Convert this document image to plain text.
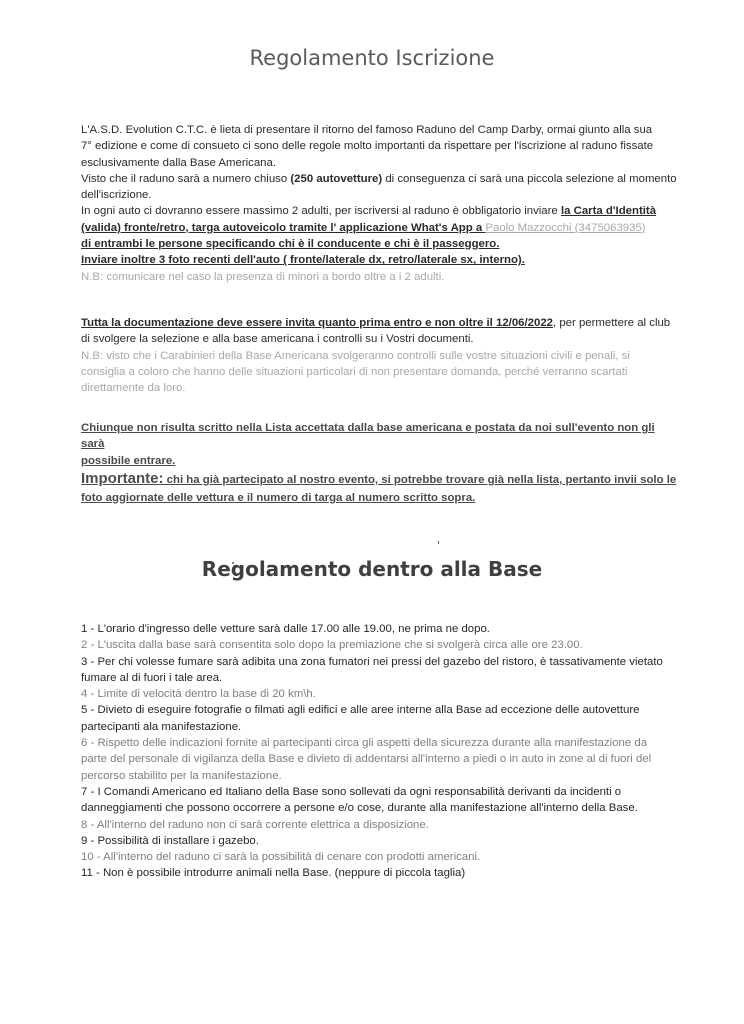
Regolamento Iscrizione

L'A.S.D. Evolution C.T.C. è lieta di presentare il ritorno del famoso Raduno del Camp Darby, ormai giunto alla sua

7° edizione e come di consueto ci sono delle regole molto importanti da rispettare per l'iscrizione al raduno fissate

esclusivamente dalla Base Americana.

Visto che il raduno sarà a numero chiuso (250 autovetture) di conseguenza ci sarà una piccola selezione al momento

dell'iscrizione.

In ogni auto ci dovranno essere massimo 2 adulti, per iscriversi al raduno è obbligatorio inviare la Carta d'Identità

(valida) fronte/retro, targa autoveicolo tramite l' applicazione What's App a Paolo Mazzocchi (3475063935)

di entrambi le persone specificando chi è il conducente e chi è il passeggero.

Inviare inoltre 3 foto recenti dell'auto ( fronte/laterale dx, retro/laterale sx, interno).

N.B: comunicare nel caso la presenza di minori a bordo oltre a i 2 adulti.

Tutta la documentazione deve essere invita quanto prima entro e non oltre il 12/06/2022, per permettere al club

di svolgere la selezione e alla base americana i controlli su i Vostri documenti.

N.B: visto che i Carabinieri della Base Americana svolgeranno controlli sulle vostre situazioni civili e penali, si

consiglia a coloro che hanno delle situazioni particolari di non presentare domanda, perché verranno scartati

direttamente da loro.

Chiunque non risulta scritto nella Lista accettata dalla base americana e postata da noi sull'evento non gli sarà

possibile entrare.

Importante: chi ha già partecipato al nostro evento, si potrebbe trovare già nella lista, pertanto invii solo le

foto aggiornate delle vettura e il numero di targa al numero scritto sopra.

Regolamento dentro alla Base

1 - L'orario d'ingresso delle vetture sarà dalle 17.00 alle 19.00, ne prima ne dopo.

2 - L'uscita dalla base sarà consentita solo dopo la premiazione che si svolgerà circa alle ore 23.00.

3 - Per chi volesse fumare sarà adibita una zona fumatori nei pressi del gazebo del ristoro, è tassativamente vietato

fumare al di fuori i tale area.

4 - Limite di velocità dentro la base di 20 km\h.

5 - Divieto di eseguire fotografie o filmati agli edifici e alle aree interne alla Base ad eccezione delle autovetture

partecipanti ala manifestazione.

6 - Rispetto delle indicazioni fornite ai partecipanti circa gli aspetti della sicurezza durante alla manifestazione da

parte del personale di vigilanza della Base e divieto di addentarsi all'interno a piedi o in auto in zone al di fuori del

percorso stabilito per la manifestazione.

7 - I Comandi Americano ed Italiano della Base sono sollevati da ogni responsabilità derivanti da incidenti o

danneggiamenti che possono occorrere a persone e/o cose, durante alla manifestazione all'interno della Base.

8 - All'interno del raduno non ci sarà corrente elettrica a disposizione.

9 - Possibilità di installare i gazebo.

10 - All'interno del raduno ci sarà la possibilità di cenare con prodotti americani.

11 - Non è possibile introdurre animali nella Base. (neppure di piccola taglia)
